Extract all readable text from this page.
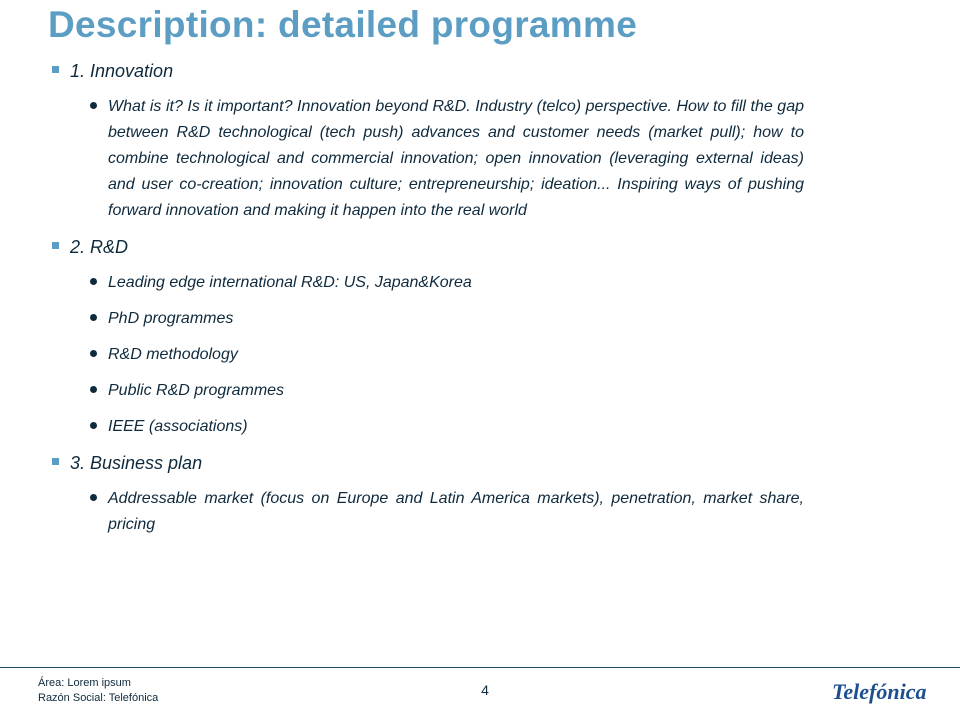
Description: detailed programme
1. Innovation
What is it? Is it important? Innovation beyond R&D. Industry (telco) perspective. How to fill the gap between R&D technological (tech push) advances and customer needs (market pull); how to combine technological and commercial innovation; open innovation (leveraging external ideas) and user co-creation; innovation culture; entrepreneurship; ideation... Inspiring ways of pushing forward innovation and making it happen into the real world
2. R&D
Leading edge international R&D: US, Japan&Korea
PhD programmes
R&D methodology
Public R&D programmes
IEEE (associations)
3. Business plan
Addressable market (focus on Europe and Latin America markets), penetration, market share, pricing
Área: Lorem ipsum
Razón Social: Telefónica	4	Telefónica
